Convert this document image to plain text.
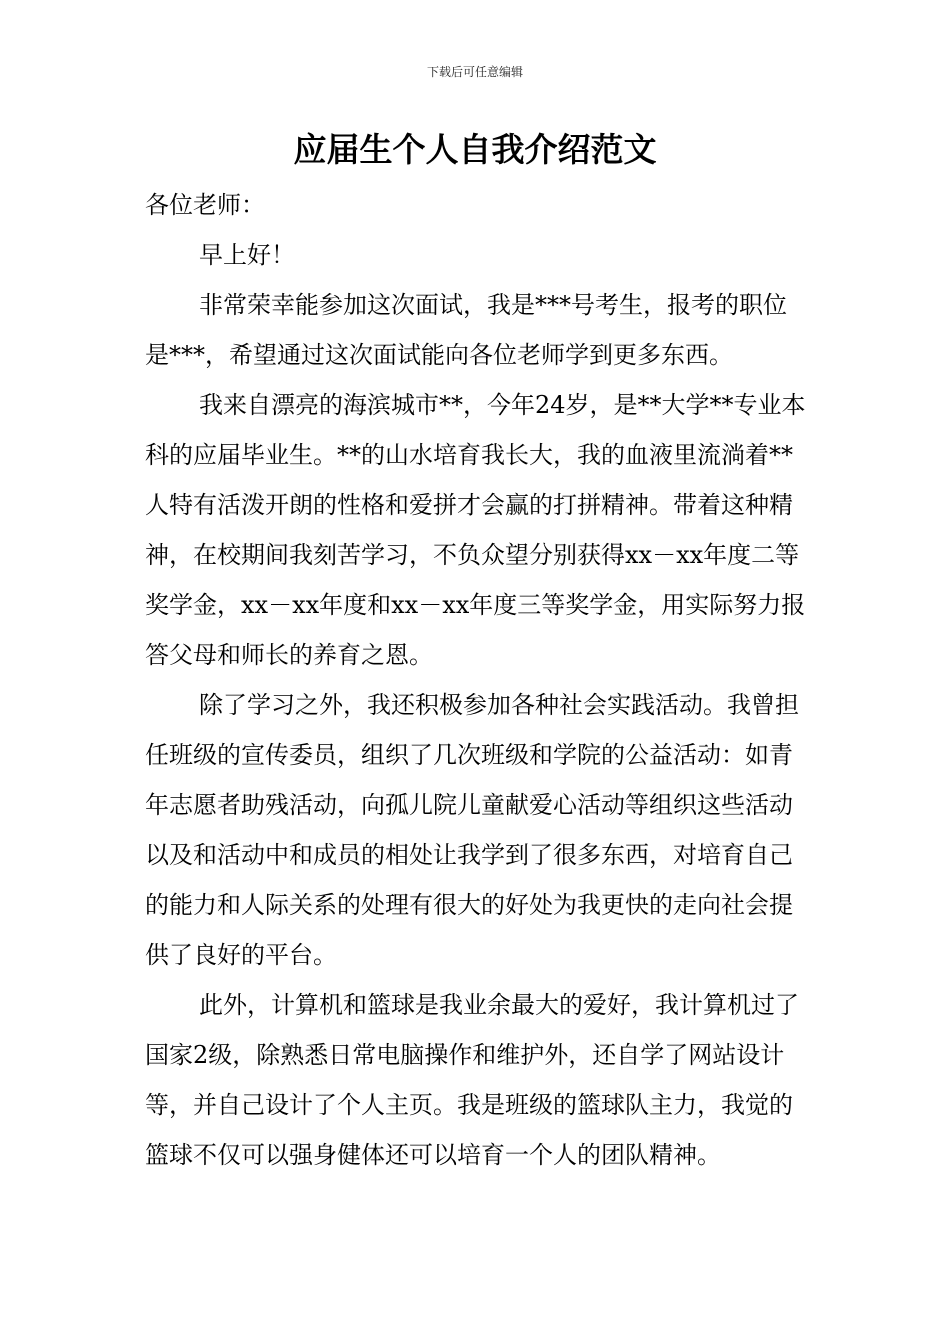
下载后可任意编辑
应届生个人自我介绍范文

各位老师：

早上好！

非常荣幸能参加这次面试，我是***号考生，报考的职位是***，希望通过这次面试能向各位老师学到更多东西。

我来自漂亮的海滨城市**，今年24岁，是**大学**专业本科的应届毕业生。**的山水培育我长大，我的血液里流淌着**人特有活泼开朗的性格和爱拼才会赢的打拼精神。带着这种精神，在校期间我刻苦学习，不负众望分别获得xx－xx年度二等奖学金，xx－xx年度和xx－xx年度三等奖学金，用实际努力报答父母和师长的养育之恩。

除了学习之外，我还积极参加各种社会实践活动。我曾担任班级的宣传委员，组织了几次班级和学院的公益活动：如青年志愿者助残活动，向孤儿院儿童献爱心活动等组织这些活动以及和活动中和成员的相处让我学到了很多东西，对培育自己的能力和人际关系的处理有很大的好处为我更快的走向社会提供了良好的平台。

此外，计算机和篮球是我业余最大的爱好，我计算机过了国家2级，除熟悉日常电脑操作和维护外，还自学了网站设计等，并自己设计了个人主页。我是班级的篮球队主力，我觉的篮球不仅可以强身健体还可以培育一个人的团队精神。
